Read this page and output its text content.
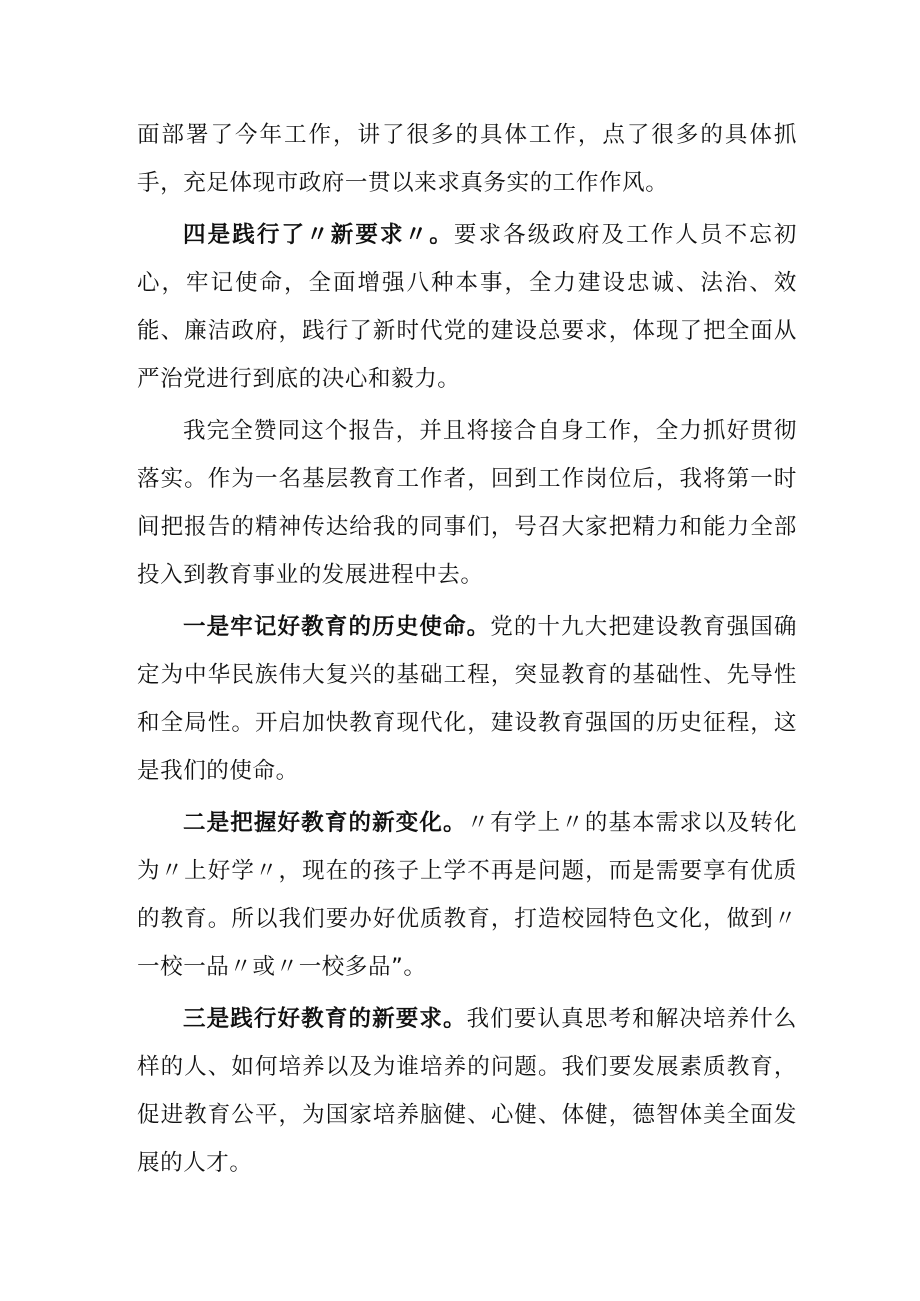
面部署了今年工作，讲了很多的具体工作，点了很多的具体抓手，充足体现市政府一贯以来求真务实的工作作风。

四是践行了〃新要求〃。要求各级政府及工作人员不忘初心，牢记使命，全面增强八种本事，全力建设忠诚、法治、效能、廉洁政府，践行了新时代党的建设总要求，体现了把全面从严治党进行到底的决心和毅力。

我完全赞同这个报告，并且将接合自身工作，全力抓好贯彻落实。作为一名基层教育工作者，回到工作岗位后，我将第一时间把报告的精神传达给我的同事们，号召大家把精力和能力全部投入到教育事业的发展进程中去。

一是牢记好教育的历史使命。党的十九大把建设教育强国确定为中华民族伟大复兴的基础工程，突显教育的基础性、先导性和全局性。开启加快教育现代化，建设教育强国的历史征程，这是我们的使命。

二是把握好教育的新变化。〃有学上〃的基本需求以及转化为〃上好学〃，现在的孩子上学不再是问题，而是需要享有优质的教育。所以我们要办好优质教育，打造校园特色文化，做到〃一校一品〃或〃一校多品”。

三是践行好教育的新要求。我们要认真思考和解决培养什么样的人、如何培养以及为谁培养的问题。我们要发展素质教育，促进教育公平，为国家培养脑健、心健、体健，德智体美全面发展的人才。
